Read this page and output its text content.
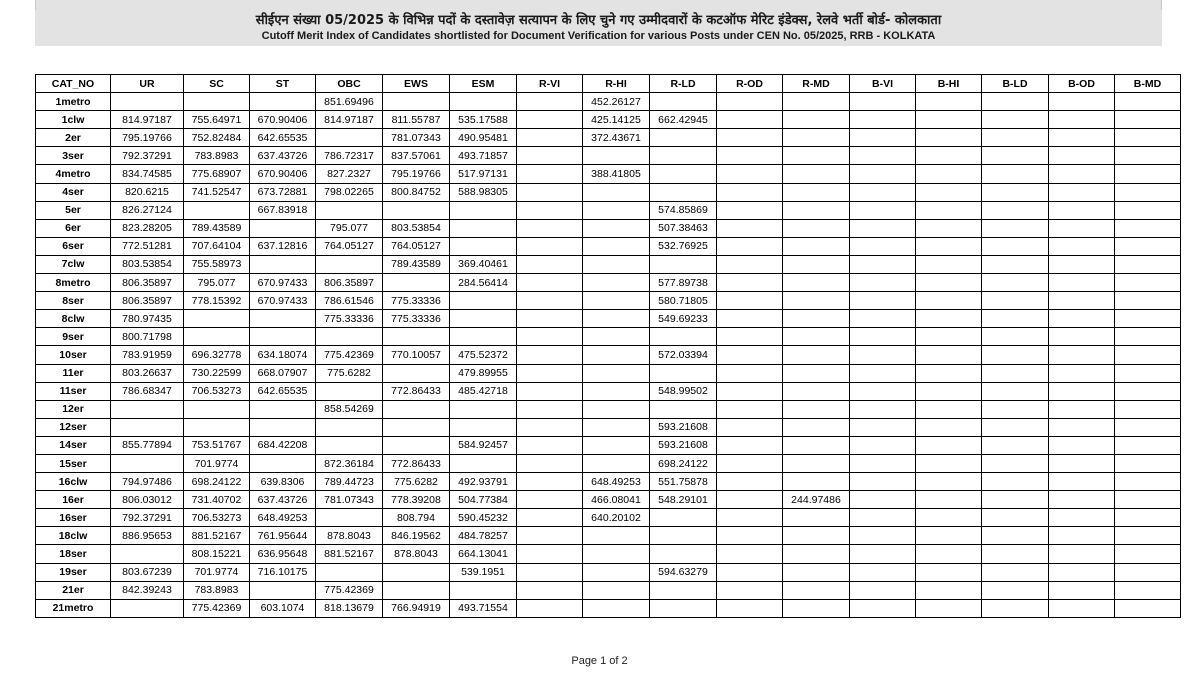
सीईएन संख्या 05/2025 के विभिन्न पदों के दस्तावेज़ सत्यापन के लिए चुने गए उम्मीदवारों के कटऑफ मेरिट इंडेक्स, रेलवे भर्ती बोर्ड- कोलकाता
Cutoff Merit Index of Candidates shortlisted for Document Verification for various Posts under CEN No. 05/2025, RRB - KOLKATA
CAT_NO	UR	SC	ST	OBC	EWS	ESM	R-VI	R-HI	R-LD	R-OD	R-MD	B-VI	B-HI	B-LD	B-OD	B-MD
1metro				851.69496				452.26127								
1clw	814.97187	755.64971	670.90406	814.97187	811.55787	535.17588		425.14125	662.42945							
2er	795.19766	752.82484	642.65535		781.07343	490.95481		372.43671								
3ser	792.37291	783.8983	637.43726	786.72317	837.57061	493.71857										
4metro	834.74585	775.68907	670.90406	827.2327	795.19766	517.97131		388.41805								
4ser	820.6215	741.52547	673.72881	798.02265	800.84752	588.98305										
5er	826.27124		667.83918						574.85869							
6er	823.28205	789.43589		795.077	803.53854				507.38463							
6ser	772.51281	707.64104	637.12816	764.05127	764.05127				532.76925							
7clw	803.53854	755.58973			789.43589	369.40461										
8metro	806.35897	795.077	670.97433	806.35897		284.56414			577.89738							
8ser	806.35897	778.15392	670.97433	786.61546	775.33336				580.71805							
8clw	780.97435			775.33336	775.33336				549.69233							
9ser	800.71798															
10ser	783.91959	696.32778	634.18074	775.42369	770.10057	475.52372			572.03394							
11er	803.26637	730.22599	668.07907	775.6282		479.89955										
11ser	786.68347	706.53273	642.65535		772.86433	485.42718			548.99502							
12er				858.54269												
12ser									593.21608							
14ser	855.77894	753.51767	684.42208			584.92457			593.21608							
15ser		701.9774		872.36184	772.86433				698.24122							
16clw	794.97486	698.24122	639.8306	789.44723	775.6282	492.93791		648.49253	551.75878							
16er	806.03012	731.40702	637.43726	781.07343	778.39208	504.77384		466.08041	548.29101		244.97486					
16ser	792.37291	706.53273	648.49253		808.794	590.45232		640.20102								
18clw	886.95653	881.52167	761.95644	878.8043	846.19562	484.78257										
18ser		808.15221	636.95648	881.52167	878.8043	664.13041										
19ser	803.67239	701.9774	716.10175			539.1951			594.63279							
21er	842.39243	783.8983		775.42369												
21metro		775.42369	603.1074	818.13679	766.94919	493.71554										
Page 1 of 2
